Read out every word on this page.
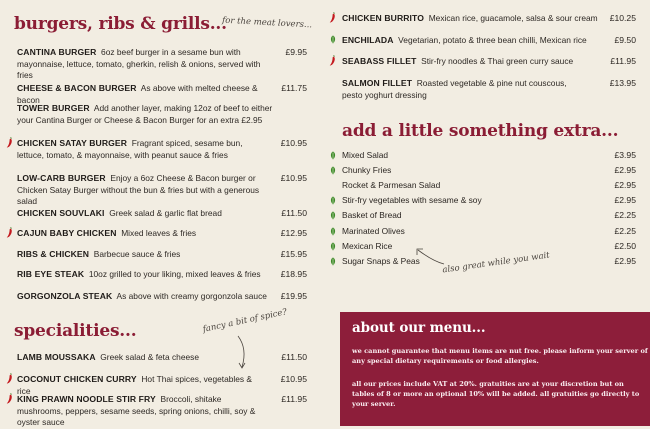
burgers, ribs & grills...
for the meat lovers...
CANTINA BURGER 6oz beef burger in a sesame bun with mayonnaise, lettuce, tomato, gherkin, relish & onions, served with fries
£9.95
CHEESE & BACON BURGER As above with melted cheese & bacon
£11.75
TOWER BURGER Add another layer, making 12oz of beef to either your Cantina Burger or Cheese & Bacon Burger for an extra £2.95
CHICKEN SATAY BURGER Fragrant spiced, sesame bun, lettuce, tomato, & mayonnaise, with peanut sauce & fries
£10.95
LOW-CARB BURGER Enjoy a 6oz Cheese & Bacon burger or Chicken Satay Burger without the bun & fries but with a generous salad
£10.95
CHICKEN SOUVLAKI Greek salad & garlic flat bread	£11.50
CAJUN BABY CHICKEN Mixed leaves & fries	£12.95
RIBS & CHICKEN Barbecue sauce & fries	£15.95
RIB EYE STEAK 10oz grilled to your liking, mixed leaves & fries	£18.95
GORGONZOLA STEAK As above with creamy gorgonzola sauce	£19.95
specialities...	fancy a bit of spice?
LAMB MOUSSAKA Greek salad & feta cheese	£11.50
COCONUT CHICKEN CURRY Hot Thai spices, vegetables & rice
£10.95
KING PRAWN NOODLE STIR FRY Broccoli, shitake mushrooms, peppers, sesame seeds, spring onions, chilli, soy & oyster sauce
£11.95
CHICKEN BURRITO Mexican rice, guacamole, salsa & sour cream	£10.25
ENCHILADA Vegetarian, potato & three bean chilli, Mexican rice	£9.50
SEABASS FILLET Stir-fry noodles & Thai green curry sauce	£11.95
SALMON FILLET Roasted vegetable & pine nut couscous, pesto yoghurt dressing
£13.95
add a little something extra...
Mixed Salad	£3.95
Chunky Fries	£2.95
Rocket & Parmesan Salad	£2.95
Stir-fry vegetables with sesame & soy	£2.95
Basket of Bread	£2.25
Marinated Olives	£2.25
Mexican Rice	£2.50
Sugar Snaps & Peas	£2.95
also great while you wait
about our menu...

we cannot guarantee that menu items are nut free. please inform your server of any special dietary requirements or food allergies.

all our prices include VAT at 20%. gratuities are at your discretion but on tables of 8 or more an optional 10% will be added. all gratuities go directly to your server.
